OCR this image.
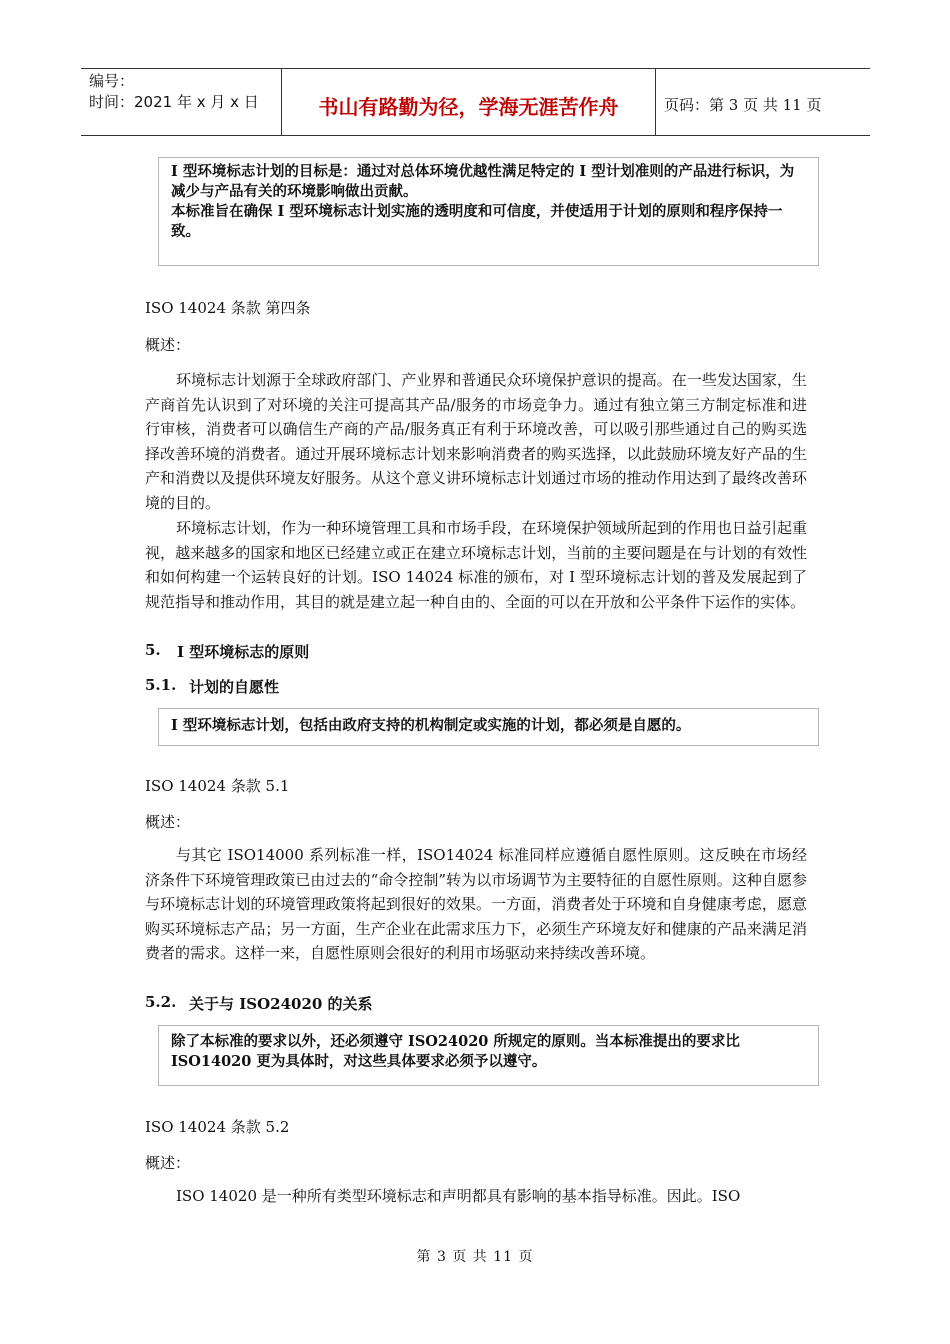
编号：
时间：2021 年 x 月 x 日	书山有路勤为径，学海无涯苦作舟	页码：第 3 页 共 11 页
I 型环境标志计划的目标是：通过对总体环境优越性满足特定的 I 型计划准则的产品进行标识，为减少与产品有关的环境影响做出贡献。
本标准旨在确保 I 型环境标志计划实施的透明度和可信度，并使适用于计划的原则和程序保持一致。
ISO 14024 条款 第四条
概述：
环境标志计划源于全球政府部门、产业界和普通民众环境保护意识的提高。在一些发达国家，生产商首先认识到了对环境的关注可提高其产品/服务的市场竞争力。通过有独立第三方制定标准和进行审核，消费者可以确信生产商的产品/服务真正有利于环境改善，可以吸引那些通过自己的购买选择改善环境的消费者。通过开展环境标志计划来影响消费者的购买选择，以此鼓励环境友好产品的生产和消费以及提供环境友好服务。从这个意义讲环境标志计划通过市场的推动作用达到了最终改善环境的目的。
环境标志计划，作为一种环境管理工具和市场手段，在环境保护领域所起到的作用也日益引起重视，越来越多的国家和地区已经建立或正在建立环境标志计划，当前的主要问题是在与计划的有效性和如何构建一个运转良好的计划。ISO 14024 标准的颁布，对 I 型环境标志计划的普及发展起到了规范指导和推动作用，其目的就是建立起一种自由的、全面的可以在开放和公平条件下运作的实体。
5.	I 型环境标志的原则
5.1. 计划的自愿性
I 型环境标志计划，包括由政府支持的机构制定或实施的计划，都必须是自愿的。
ISO 14024 条款 5.1
概述：
与其它 ISO14000 系列标准一样，ISO14024 标准同样应遵循自愿性原则。这反映在市场经济条件下环境管理政策已由过去的“命令控制”转为以市场调节为主要特征的自愿性原则。这种自愿参与环境标志计划的环境管理政策将起到很好的效果。一方面，消费者处于环境和自身健康考虑，愿意购买环境标志产品；另一方面，生产企业在此需求压力下，必须生产环境友好和健康的产品来满足消费者的需求。这样一来，自愿性原则会很好的利用市场驱动来持续改善环境。
5.2. 关于与 ISO24020 的关系
除了本标准的要求以外，还必须遵守 ISO24020 所规定的原则。当本标准提出的要求比 ISO14020 更为具体时，对这些具体要求必须予以遵守。
ISO 14024 条款 5.2
概述：
ISO 14020 是一种所有类型环境标志和声明都具有影响的基本指导标准。因此。ISO
第 3 页 共 11 页
